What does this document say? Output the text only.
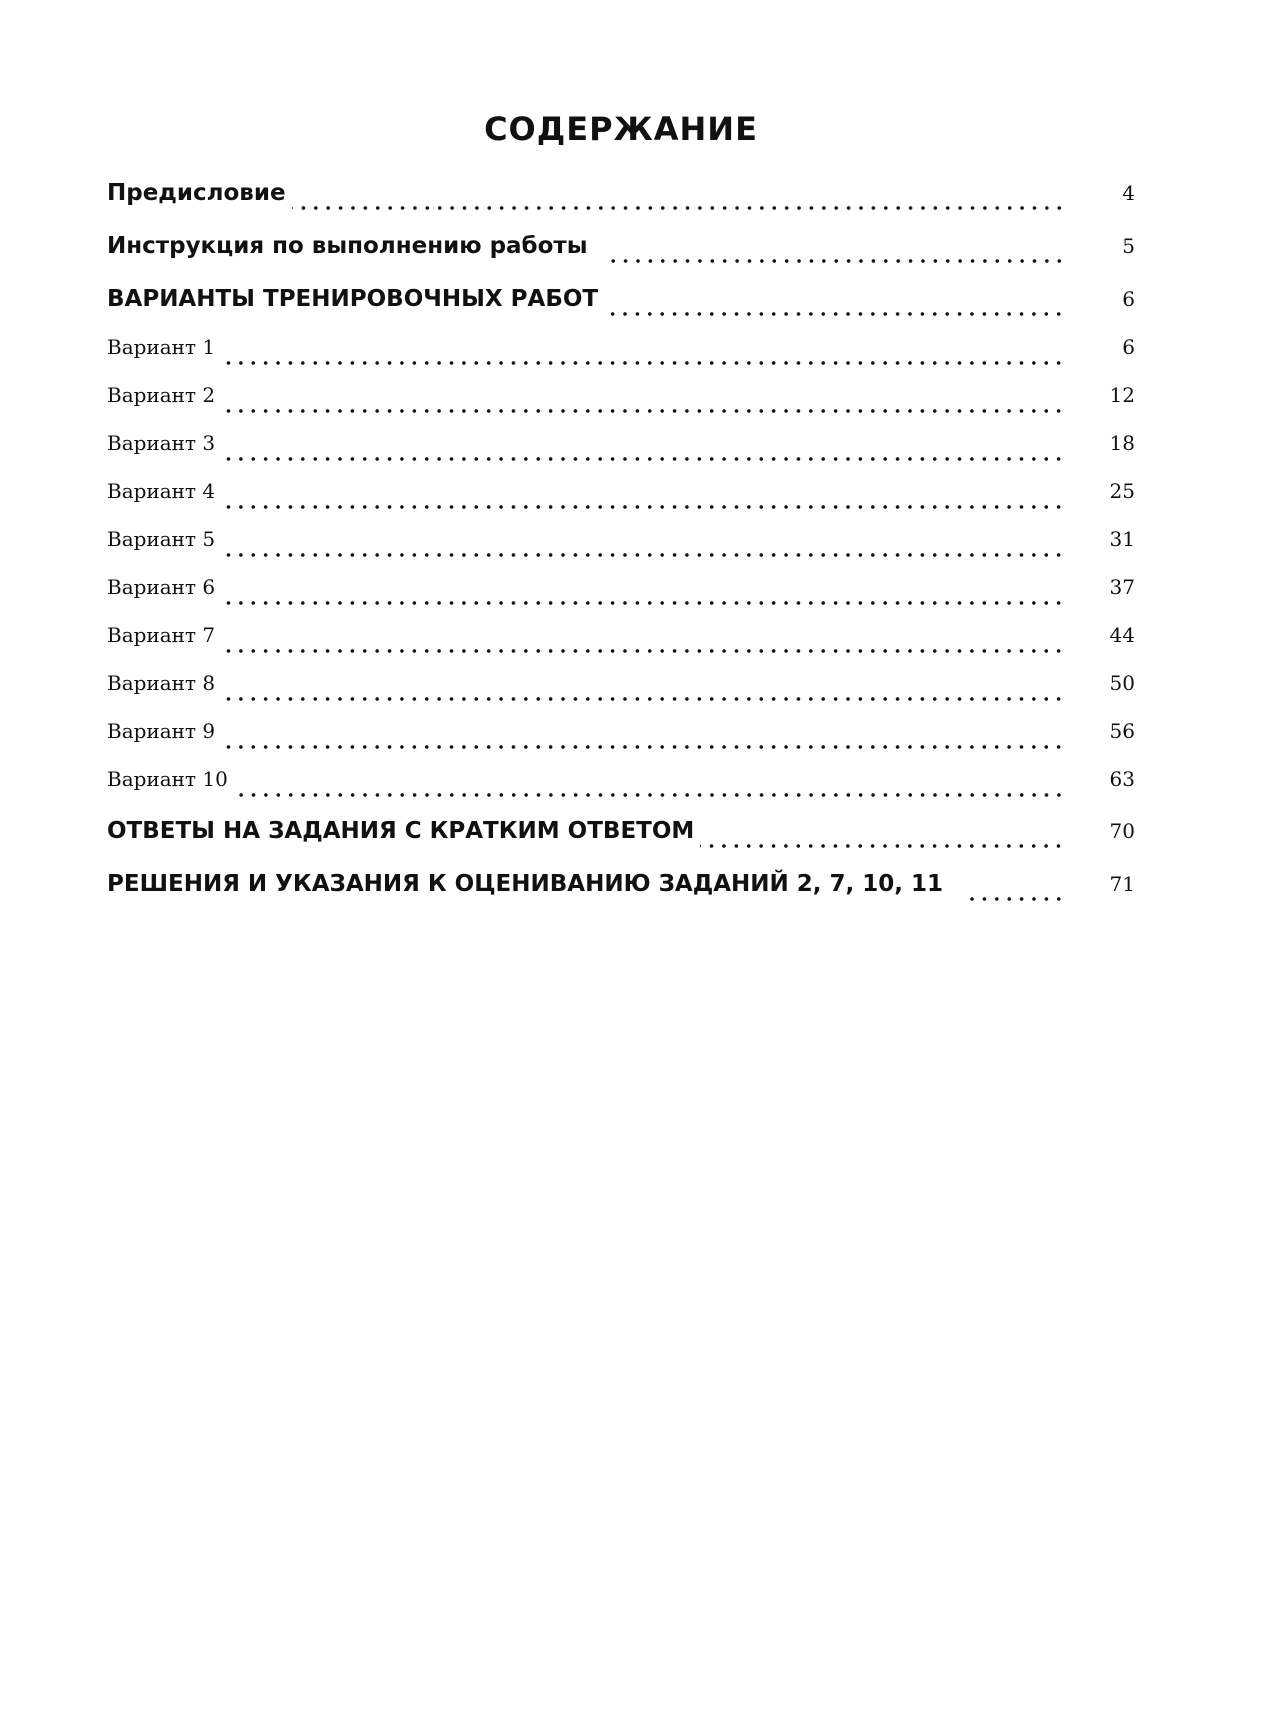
СОДЕРЖАНИЕ
Предисловие	4
Инструкция по выполнению работы	5
ВАРИАНТЫ ТРЕНИРОВОЧНЫХ РАБОТ	6
Вариант 1	6
Вариант 2	12
Вариант 3	18
Вариант 4	25
Вариант 5	31
Вариант 6	37
Вариант 7	44
Вариант 8	50
Вариант 9	56
Вариант 10	63
ОТВЕТЫ НА ЗАДАНИЯ С КРАТКИМ ОТВЕТОМ	70
РЕШЕНИЯ И УКАЗАНИЯ К ОЦЕНИВАНИЮ ЗАДАНИЙ 2, 7, 10, 11	71
